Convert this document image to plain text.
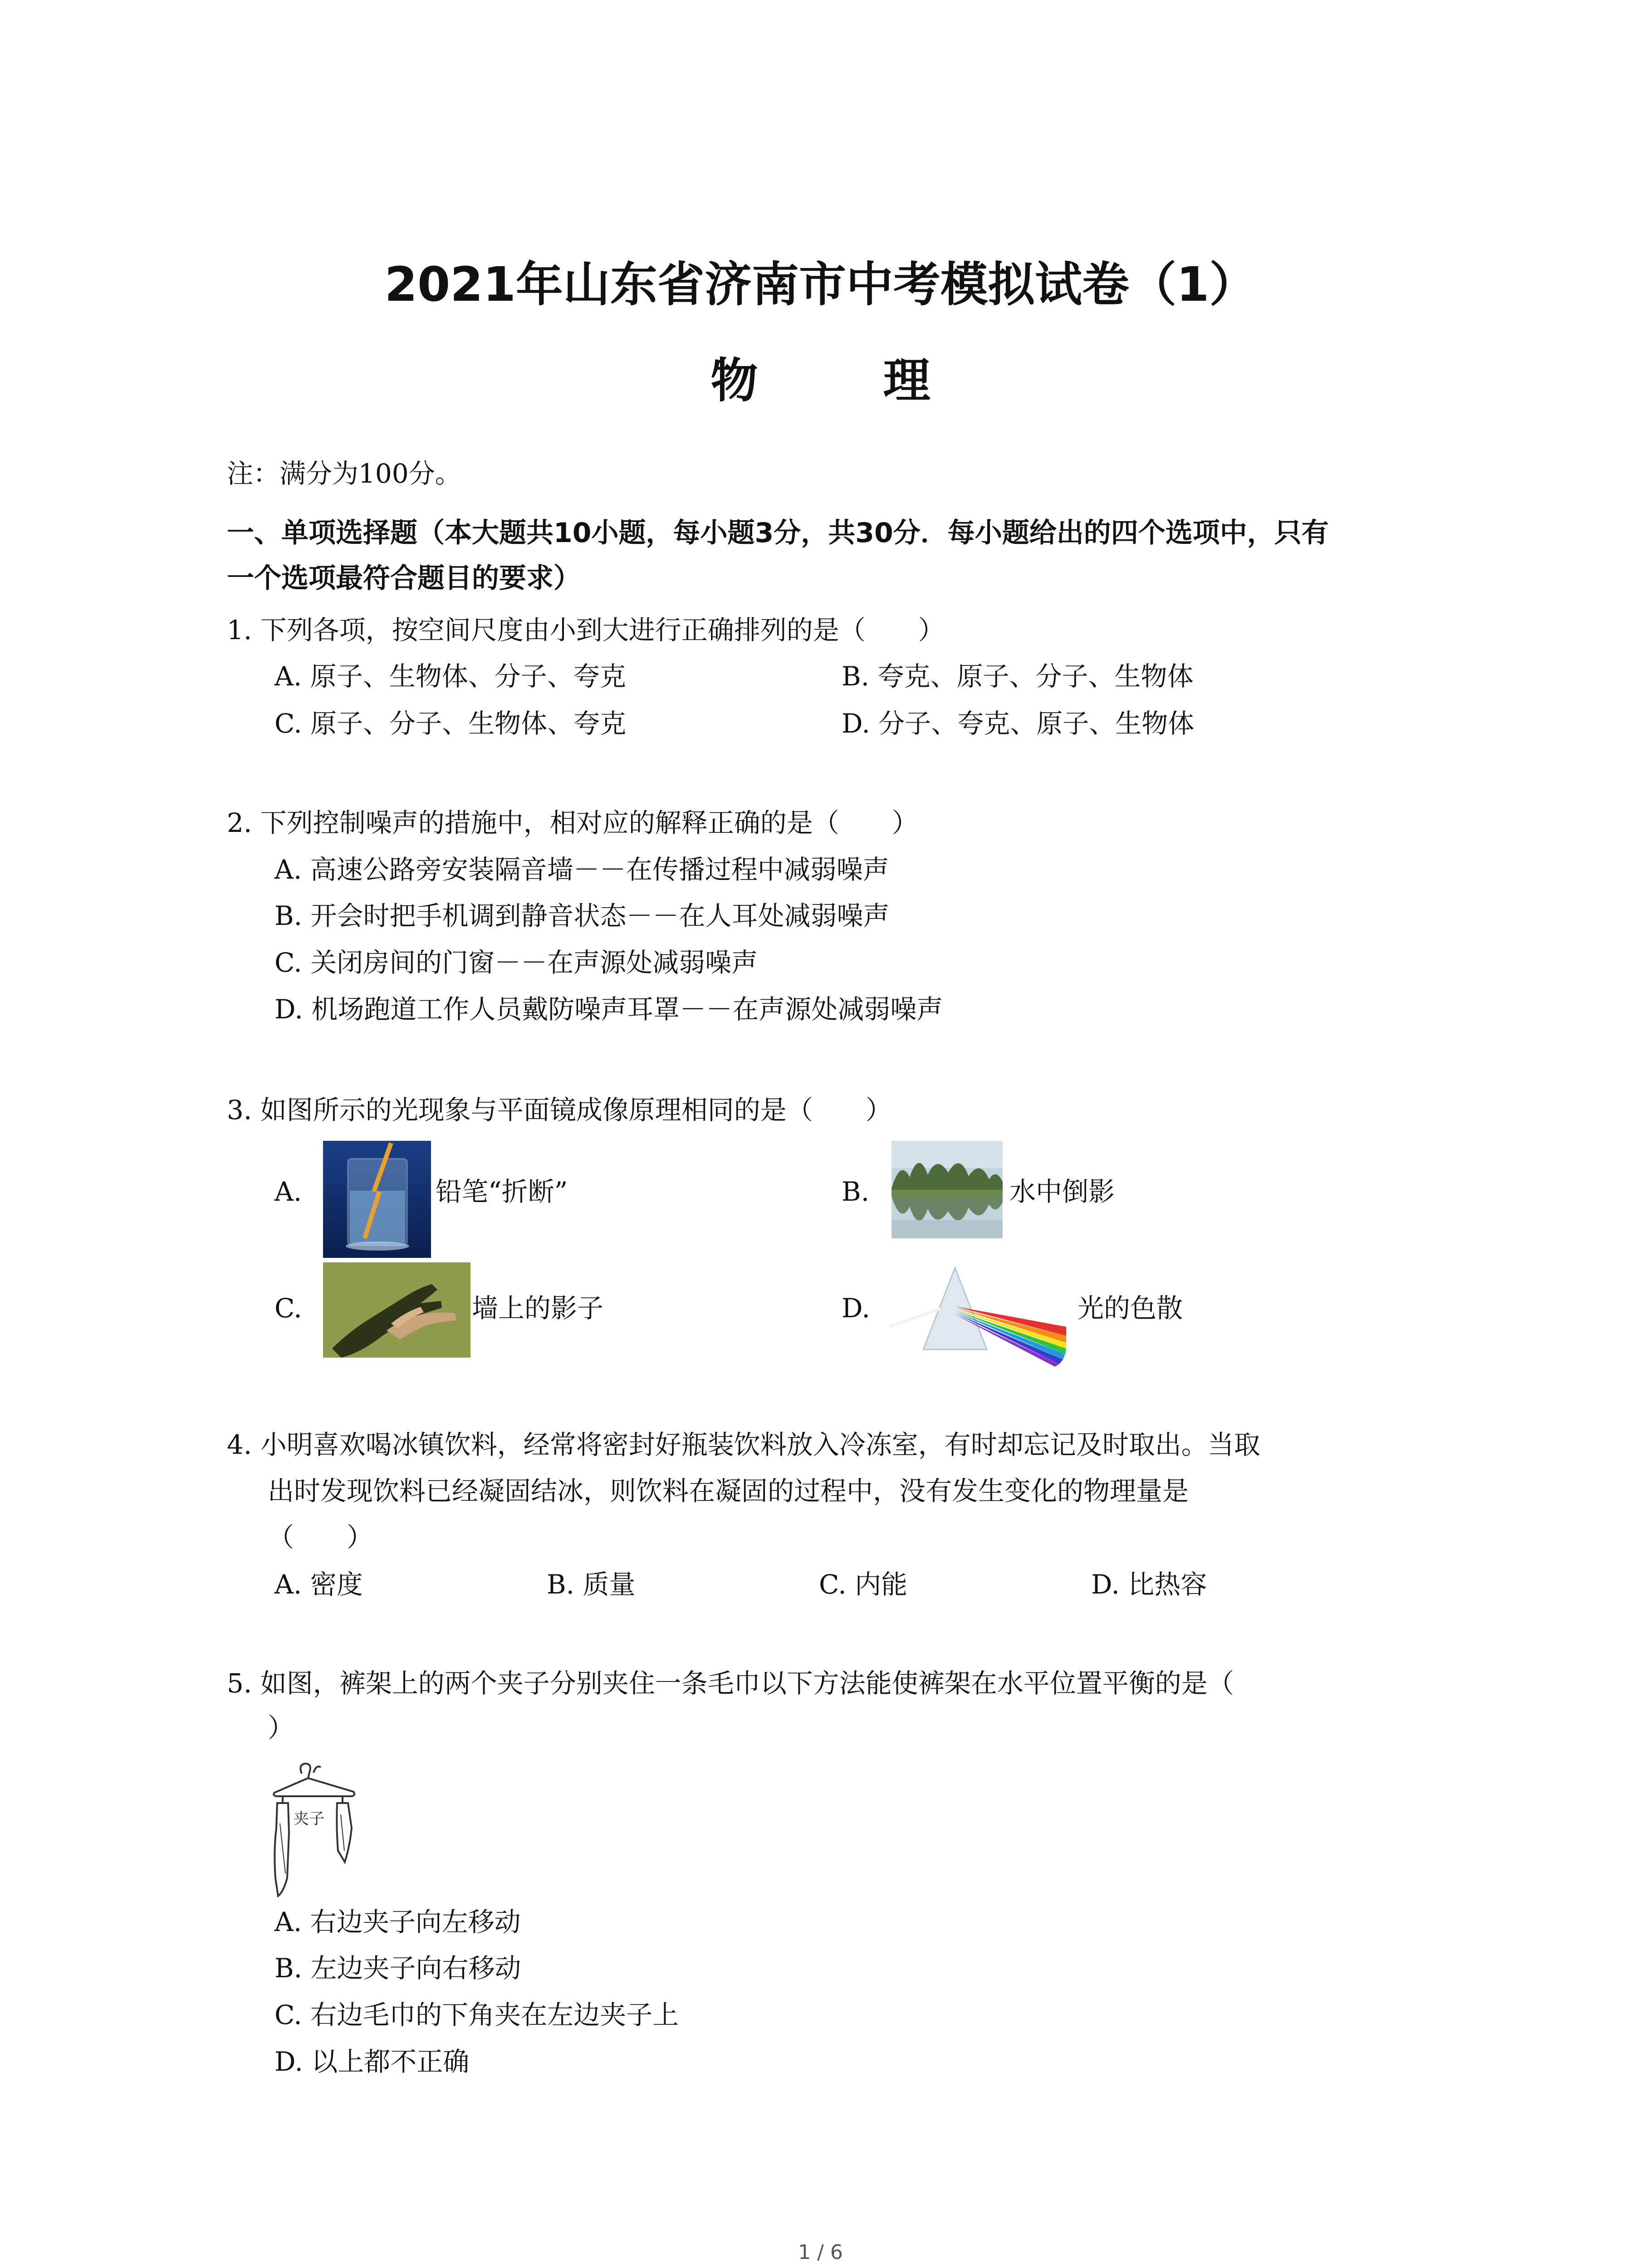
2021年山东省济南市中考模拟试卷（1）
物 理
注：满分为100分。
一、单项选择题（本大题共10小题，每小题3分，共30分．每小题给出的四个选项中，只有
一个选项最符合题目的要求）
1. 下列各项，按空间尺度由小到大进行正确排列的是（　　）
A. 原子、生物体、分子、夸克	B. 夸克、原子、分子、生物体
C. 原子、分子、生物体、夸克	D. 分子、夸克、原子、生物体
2. 下列控制噪声的措施中，相对应的解释正确的是（　　）
A. 高速公路旁安装隔音墙－－在传播过程中减弱噪声
B. 开会时把手机调到静音状态－－在人耳处减弱噪声
C. 关闭房间的门窗－－在声源处减弱噪声
D. 机场跑道工作人员戴防噪声耳罩－－在声源处减弱噪声
3. 如图所示的光现象与平面镜成像原理相同的是（　　）
A.	铅笔“折断”	B.	水中倒影
C.	墙上的影子	D.	光的色散
4. 小明喜欢喝冰镇饮料，经常将密封好瓶装饮料放入冷冻室，有时却忘记及时取出。当取
出时发现饮料已经凝固结冰，则饮料在凝固的过程中，没有发生变化的物理量是
（　　）
A. 密度	B. 质量	C. 内能	D. 比热容
5. 如图，裤架上的两个夹子分别夹住一条毛巾以下方法能使裤架在水平位置平衡的是（
）
夹子
A. 右边夹子向左移动
B. 左边夹子向右移动
C. 右边毛巾的下角夹在左边夹子上
D. 以上都不正确
1 / 6
